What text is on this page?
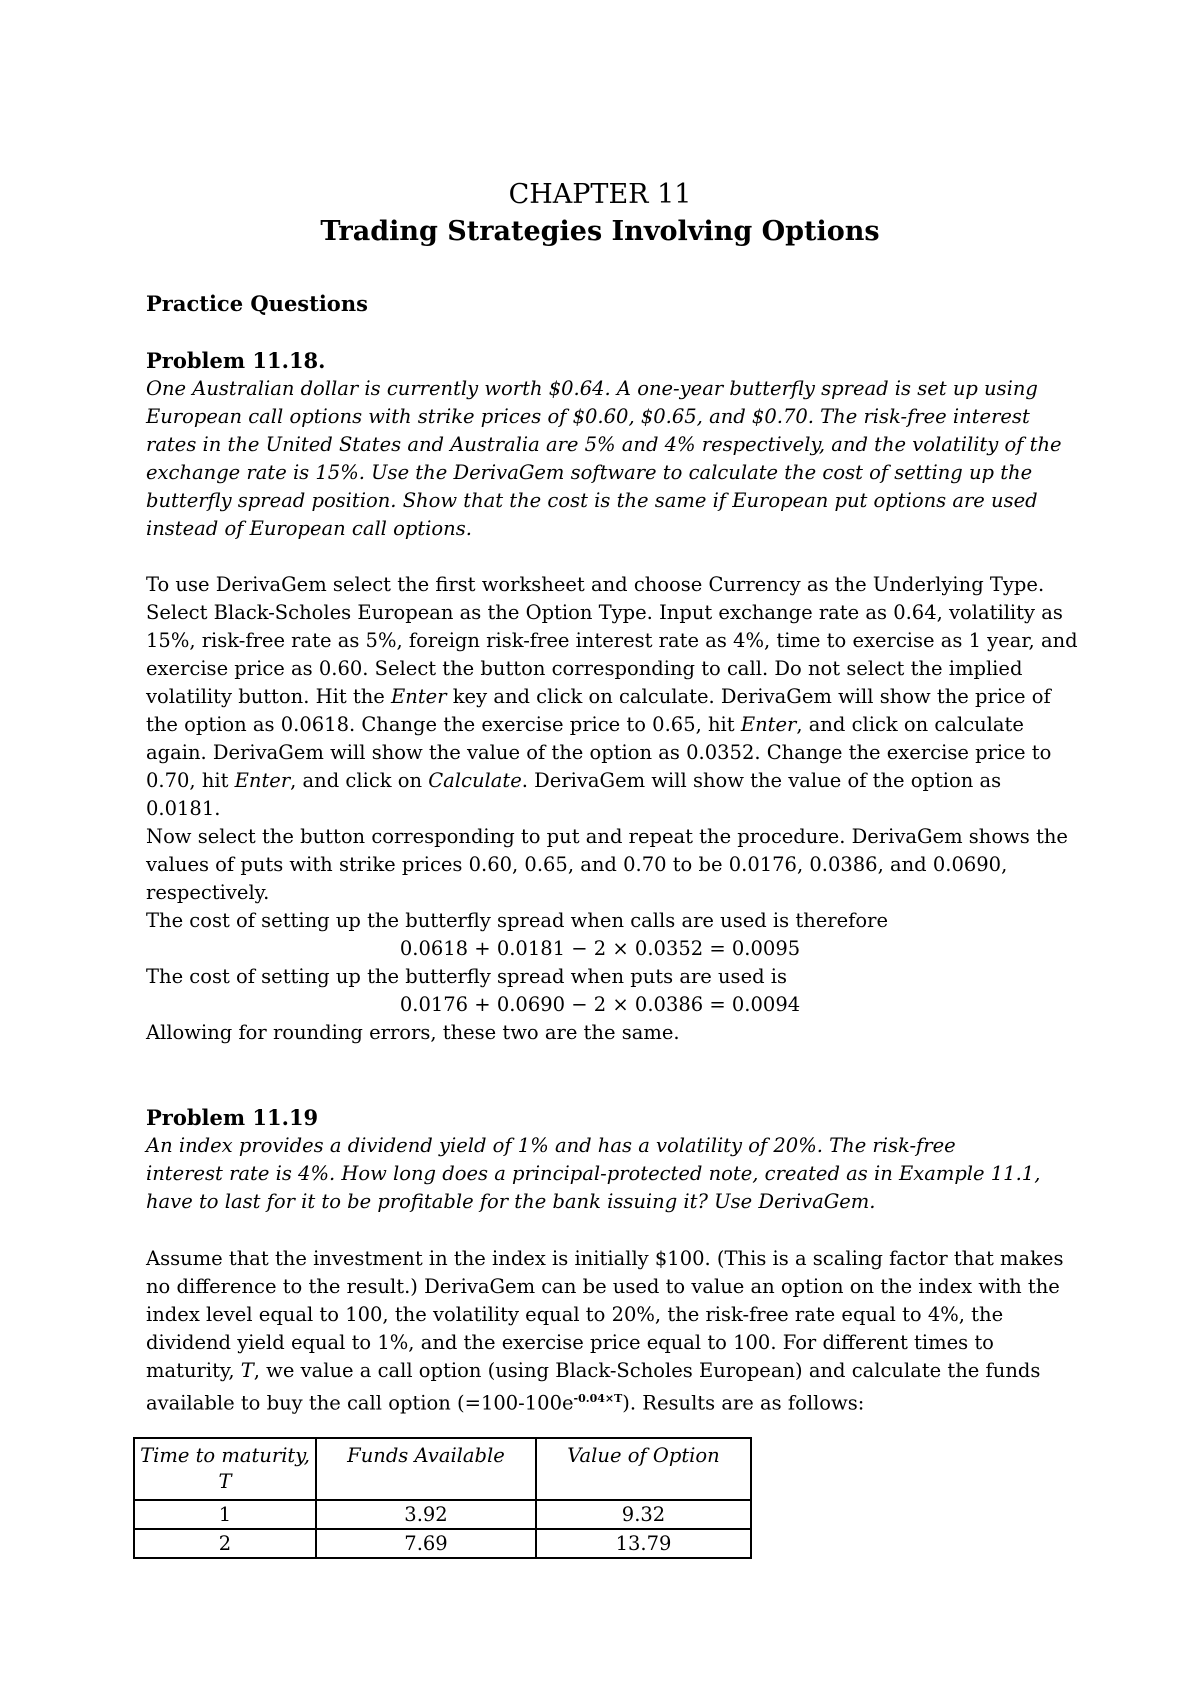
CHAPTER 11
Trading Strategies Involving Options
Practice Questions
Problem 11.18.
One Australian dollar is currently worth $0.64. A one-year butterfly spread is set up using
European call options with strike prices of $0.60, $0.65, and $0.70. The risk-free interest
rates in the United States and Australia are 5% and 4% respectively, and the volatility of the
exchange rate is 15%. Use the DerivaGem software to calculate the cost of setting up the
butterfly spread position. Show that the cost is the same if European put options are used
instead of European call options.
To use DerivaGem select the first worksheet and choose Currency as the Underlying Type.
Select Black-Scholes European as the Option Type. Input exchange rate as 0.64, volatility as
15%, risk-free rate as 5%, foreign risk-free interest rate as 4%, time to exercise as 1 year, and
exercise price as 0.60. Select the button corresponding to call. Do not select the implied
volatility button. Hit the Enter key and click on calculate. DerivaGem will show the price of
the option as 0.0618. Change the exercise price to 0.65, hit Enter, and click on calculate
again. DerivaGem will show the value of the option as 0.0352. Change the exercise price to
0.70, hit Enter, and click on Calculate. DerivaGem will show the value of the option as
0.0181.
Now select the button corresponding to put and repeat the procedure. DerivaGem shows the
values of puts with strike prices 0.60, 0.65, and 0.70 to be 0.0176, 0.0386, and 0.0690,
respectively.
The cost of setting up the butterfly spread when calls are used is therefore
0.0618 + 0.0181 − 2 × 0.0352 = 0.0095
The cost of setting up the butterfly spread when puts are used is
0.0176 + 0.0690 − 2 × 0.0386 = 0.0094
Allowing for rounding errors, these two are the same.
Problem 11.19
An index provides a dividend yield of 1% and has a volatility of 20%. The risk-free
interest rate is 4%. How long does a principal-protected note, created as in Example 11.1,
have to last for it to be profitable for the bank issuing it? Use DerivaGem.
Assume that the investment in the index is initially $100. (This is a scaling factor that makes
no difference to the result.) DerivaGem can be used to value an option on the index with the
index level equal to 100, the volatility equal to 20%, the risk-free rate equal to 4%, the
dividend yield equal to 1%, and the exercise price equal to 100. For different times to
maturity, T, we value a call option (using Black-Scholes European) and calculate the funds
available to buy the call option $(=100-100e^{-0.04\times T})$. Results are as follows:
Time to maturity, T	Funds Available	Value of Option
1	3.92	9.32
2	7.69	13.79
